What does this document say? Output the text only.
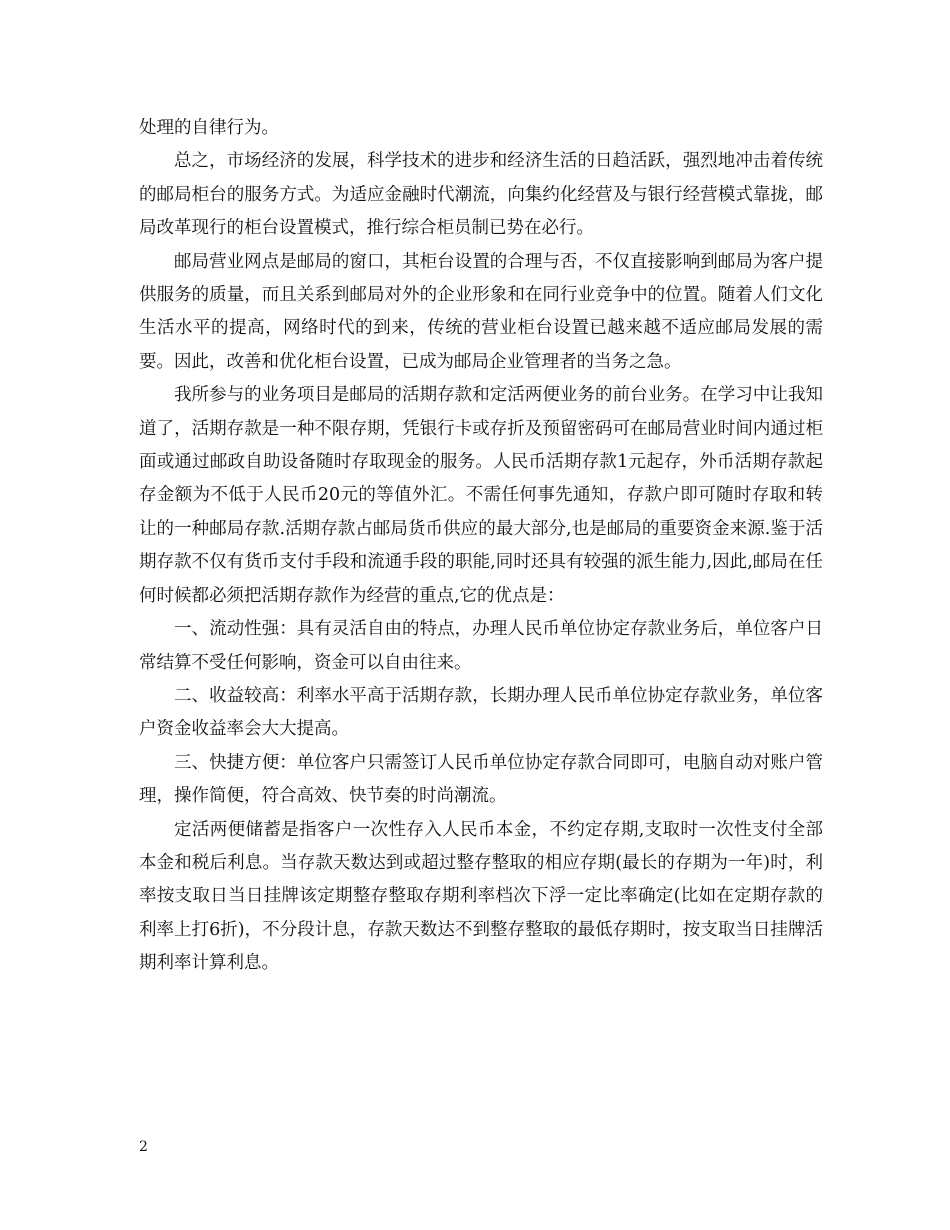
处理的自律行为。

总之，市场经济的发展，科学技术的进步和经济生活的日趋活跃，强烈地冲击着传统的邮局柜台的服务方式。为适应金融时代潮流，向集约化经营及与银行经营模式靠拢，邮局改革现行的柜台设置模式，推行综合柜员制已势在必行。

邮局营业网点是邮局的窗口，其柜台设置的合理与否，不仅直接影响到邮局为客户提供服务的质量，而且关系到邮局对外的企业形象和在同行业竞争中的位置。随着人们文化生活水平的提高，网络时代的到来，传统的营业柜台设置已越来越不适应邮局发展的需要。因此，改善和优化柜台设置，已成为邮局企业管理者的当务之急。

我所参与的业务项目是邮局的活期存款和定活两便业务的前台业务。在学习中让我知道了，活期存款是一种不限存期，凭银行卡或存折及预留密码可在邮局营业时间内通过柜面或通过邮政自助设备随时存取现金的服务。人民币活期存款1元起存，外币活期存款起存金额为不低于人民币20元的等值外汇。不需任何事先通知，存款户即可随时存取和转让的一种邮局存款.活期存款占邮局货币供应的最大部分,也是邮局的重要资金来源.鉴于活期存款不仅有货币支付手段和流通手段的职能,同时还具有较强的派生能力,因此,邮局在任何时候都必须把活期存款作为经营的重点,它的优点是：

一、流动性强：具有灵活自由的特点，办理人民币单位协定存款业务后，单位客户日常结算不受任何影响，资金可以自由往来。

二、收益较高：利率水平高于活期存款，长期办理人民币单位协定存款业务，单位客户资金收益率会大大提高。

三、快捷方便：单位客户只需签订人民币单位协定存款合同即可，电脑自动对账户管理，操作简便，符合高效、快节奏的时尚潮流。

定活两便储蓄是指客户一次性存入人民币本金，不约定存期,支取时一次性支付全部本金和税后利息。当存款天数达到或超过整存整取的相应存期(最长的存期为一年)时，利率按支取日当日挂牌该定期整存整取存期利率档次下浮一定比率确定(比如在定期存款的利率上打6折)，不分段计息，存款天数达不到整存整取的最低存期时，按支取当日挂牌活期利率计算利息。

2
